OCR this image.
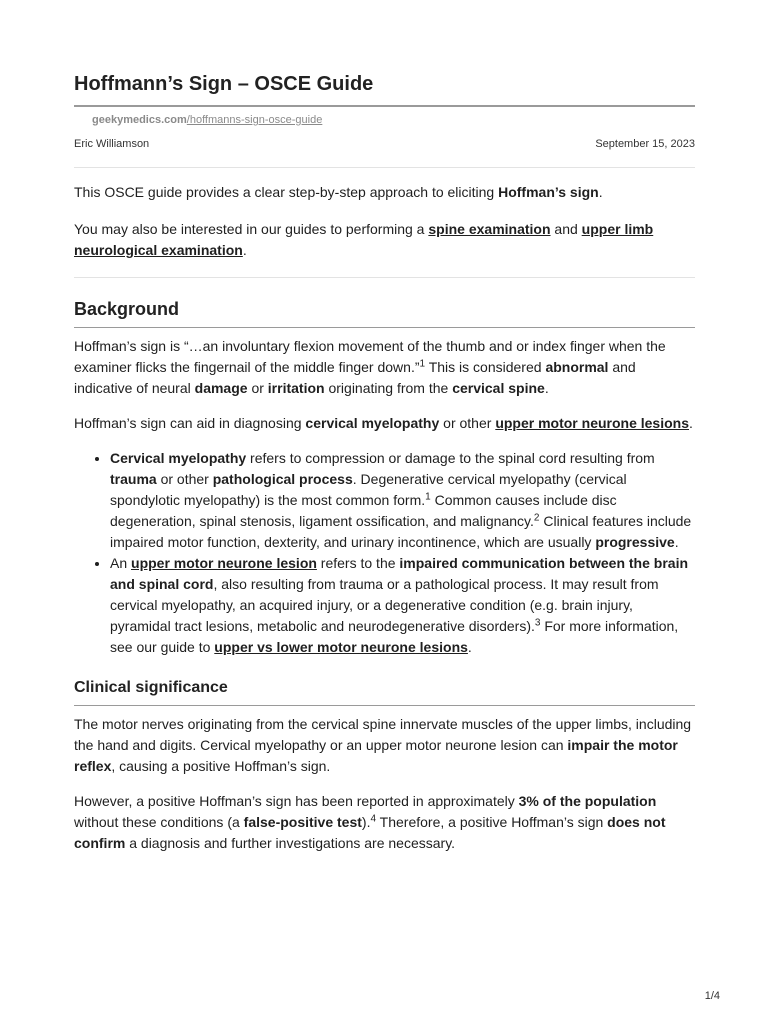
Hoffmann’s Sign – OSCE Guide
geekymedics.com/hoffmanns-sign-osce-guide
Eric Williamson	September 15, 2023

This OSCE guide provides a clear step-by-step approach to eliciting Hoffman’s sign.

You may also be interested in our guides to performing a spine examination and upper limb neurological examination.

Background

Hoffman’s sign is “…an involuntary flexion movement of the thumb and or index finger when the examiner flicks the fingernail of the middle finger down.”$^1$ This is considered abnormal and indicative of neural damage or irritation originating from the cervical spine.

Hoffman’s sign can aid in diagnosing cervical myelopathy or other upper motor neurone lesions.

• Cervical myelopathy refers to compression or damage to the spinal cord resulting from trauma or other pathological process. Degenerative cervical myelopathy (cervical spondylotic myelopathy) is the most common form.$^1$ Common causes include disc degeneration, spinal stenosis, ligament ossification, and malignancy.$^2$ Clinical features include impaired motor function, dexterity, and urinary incontinence, which are usually progressive.
• An upper motor neurone lesion refers to the impaired communication between the brain and spinal cord, also resulting from trauma or a pathological process. It may result from cervical myelopathy, an acquired injury, or a degenerative condition (e.g. brain injury, pyramidal tract lesions, metabolic and neurodegenerative disorders).$^3$ For more information, see our guide to upper vs lower motor neurone lesions.
Clinical significance

The motor nerves originating from the cervical spine innervate muscles of the upper limbs, including the hand and digits. Cervical myelopathy or an upper motor neurone lesion can impair the motor reflex, causing a positive Hoffman’s sign.

However, a positive Hoffman’s sign has been reported in approximately 3% of the population without these conditions (a false-positive test).$^4$ Therefore, a positive Hoffman’s sign does not confirm a diagnosis and further investigations are necessary.

1/4
